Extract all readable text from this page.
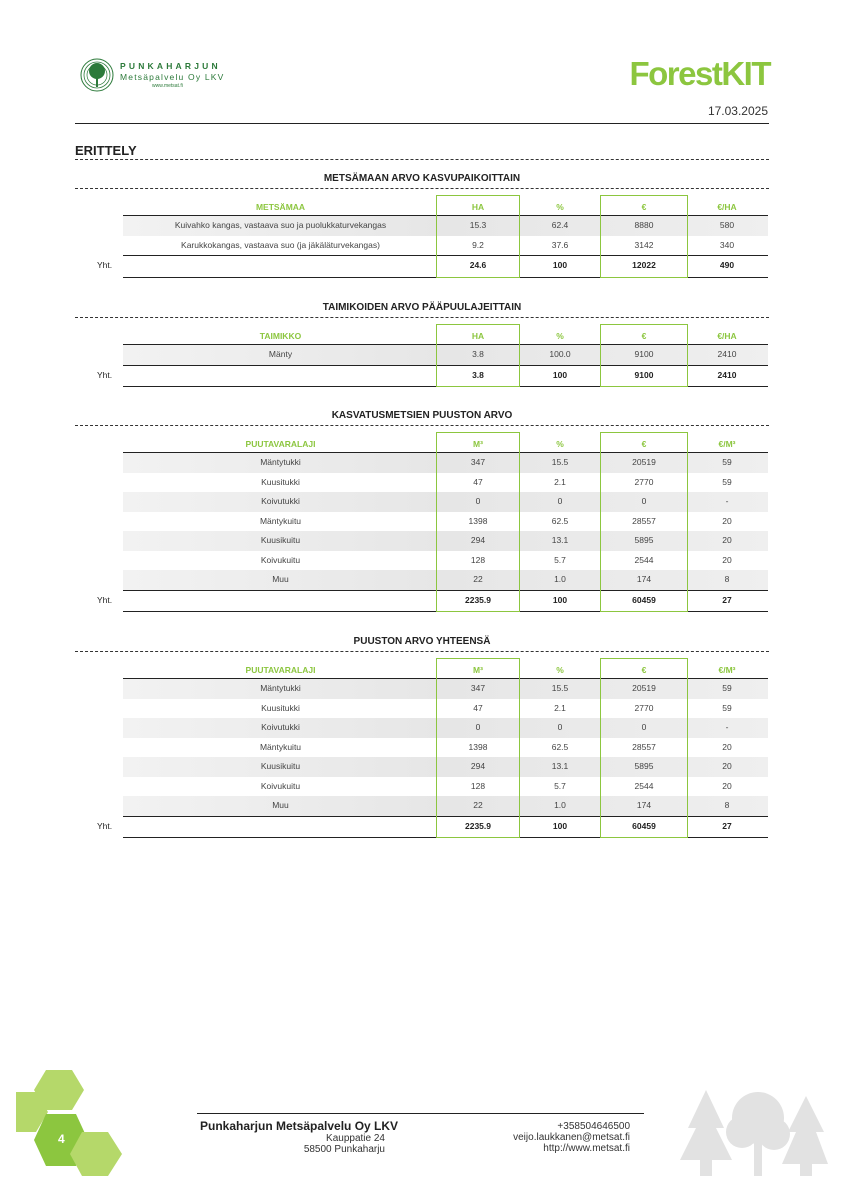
PUNKAHARJUN
Metsäpalvelu Oy LKV
www.metsat.fi	ForestKIT
17.03.2025
ERITTELY
METSÄMAAN ARVO KASVUPAIKOITTAIN
METSÄMAA	HA	%	€	€/HA
Kuivahko kangas, vastaava suo ja puolukkaturvekangas	15.3	62.4	8880	580
Karukkokangas, vastaava suo (ja jäkäläturvekangas)	9.2	37.6	3142	340
Yht.	24.6	100	12022	490
TAIMIKOIDEN ARVO PÄÄPUULAJEITTAIN
TAIMIKKO	HA	%	€	€/HA
Mänty	3.8	100.0	9100	2410
Yht.	3.8	100	9100	2410
KASVATUSMETSIEN PUUSTON ARVO
PUUTAVARALAJI	M³	%	€	€/M³
Mäntytukki	347	15.5	20519	59
Kuusitukki	47	2.1	2770	59
Koivutukki	0	0	0	-
Mäntykuitu	1398	62.5	28557	20
Kuusikuitu	294	13.1	5895	20
Koivukuitu	128	5.7	2544	20
Muu	22	1.0	174	8
Yht.	2235.9	100	60459	27
PUUSTON ARVO YHTEENSÄ
PUUTAVARALAJI	M³	%	€	€/M³
Mäntytukki	347	15.5	20519	59
Kuusitukki	47	2.1	2770	59
Koivutukki	0	0	0	-
Mäntykuitu	1398	62.5	28557	20
Kuusikuitu	294	13.1	5895	20
Koivukuitu	128	5.7	2544	20
Muu	22	1.0	174	8
Yht.	2235.9	100	60459	27
4
Punkaharjun Metsäpalvelu Oy LKV
Kauppatie 24
58500 Punkaharju
+358504646500
veijo.laukkanen@metsat.fi
http://www.metsat.fi
